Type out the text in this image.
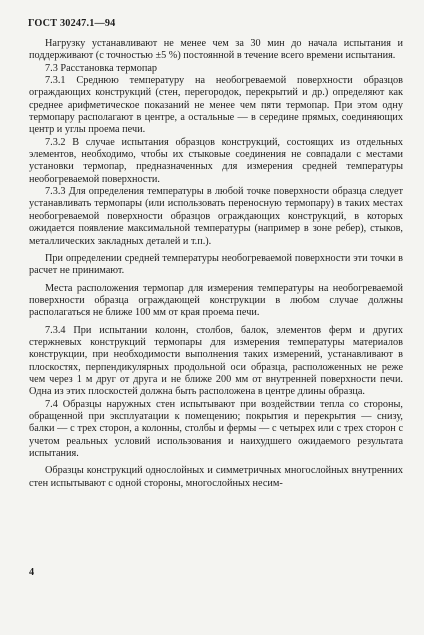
ГОСТ 30247.1—94

Нагрузку устанавливают не менее чем за 30 мин до начала испытания и поддерживают (с точностью ±5 %) постоянной в течение всего времени испытания.

7.3 Расстановка термопар

7.3.1 Среднюю температуру на необогреваемой поверхности образцов ограждающих конструкций (стен, перегородок, перекрытий и др.) определяют как среднее арифметическое показаний не менее чем пяти термопар. При этом одну термопару располагают в центре, а остальные — в середине прямых, соединяющих центр и углы проема печи.

7.3.2 В случае испытания образцов конструкций, состоящих из отдельных элементов, необходимо, чтобы их стыковые соединения не совпадали с местами установки термопар, предназначенных для измерения средней температуры необогреваемой поверхности.

7.3.3 Для определения температуры в любой точке поверхности образца следует устанавливать термопары (или использовать переносную термопару) в таких местах необогреваемой поверхности образцов ограждающих конструкций, в которых ожидается появление максимальной температуры (например в зоне ребер), стыков, металлических закладных деталей и т.п.).

При определении средней температуры необогреваемой поверхности эти точки в расчет не принимают.

Места расположения термопар для измерения температуры на необогреваемой поверхности образца ограждающей конструкции в любом случае должны располагаться не ближе 100 мм от края проема печи.

7.3.4 При испытании колонн, столбов, балок, элементов ферм и других стержневых конструкций термопары для измерения температуры материалов конструкции, при необходимости выполнения таких измерений, устанавливают в плоскостях, перпендикулярных продольной оси образца, расположенных не реже чем через 1 м друг от друга и не ближе 200 мм от внутренней поверхности печи. Одна из этих плоскостей должна быть расположена в центре длины образца.

7.4 Образцы наружных стен испытывают при воздействии тепла со стороны, обращенной при эксплуатации к помещению; покрытия и перекрытия — снизу, балки — с трех сторон, а колонны, столбы и фермы — с четырех или с трех сторон с учетом реальных условий использования и наихудшего ожидаемого результата испытания.

Образцы конструкций однослойных и симметричных многослойных внутренних стен испытывают с одной стороны, многослойных несим-

4
